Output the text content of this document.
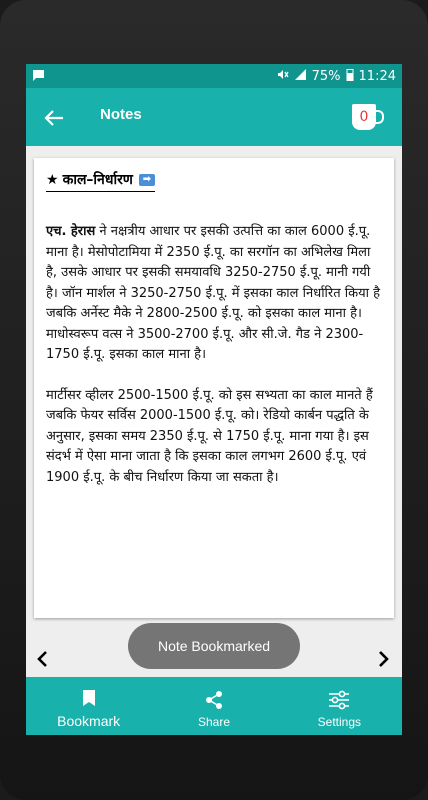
75% 11:24
Notes	0
★ काल–निर्धारण ➡

एच. हेरास ने नक्षत्रीय आधार पर इसकी उत्पत्ति का काल 6000 ई.पू. माना है। मेसोपोटामिया में 2350 ई.पू. का सरगॉन का अभिलेख मिला है, उसके आधार पर इसकी समयावधि 3250-2750 ई.पू. मानी गयी है। जॉन मार्शल ने 3250-2750 ई.पू. में इसका काल निर्धारित किया है जबकि अर्नेस्ट मैके ने 2800-2500 ई.पू. को इसका काल माना है। माधोस्वरूप वत्स ने 3500-2700 ई.पू. और सी.जे. गैड ने 2300-1750 ई.पू. इसका काल माना है।

मार्टीसर व्हीलर 2500-1500 ई.पू. को इस सभ्यता का काल मानते हैं जबकि फेयर सर्विस 2000-1500 ई.पू. को। रेडियो कार्बन पद्धति के अनुसार, इसका समय 2350 ई.पू. से 1750 ई.पू. माना गया है। इस संदर्भ में ऐसा माना जाता है कि इसका काल लगभग 2600 ई.पू. एवं 1900 ई.पू. के बीच निर्धारण किया जा सकता है।

Note Bookmarked
Bookmark	Share	Settings
